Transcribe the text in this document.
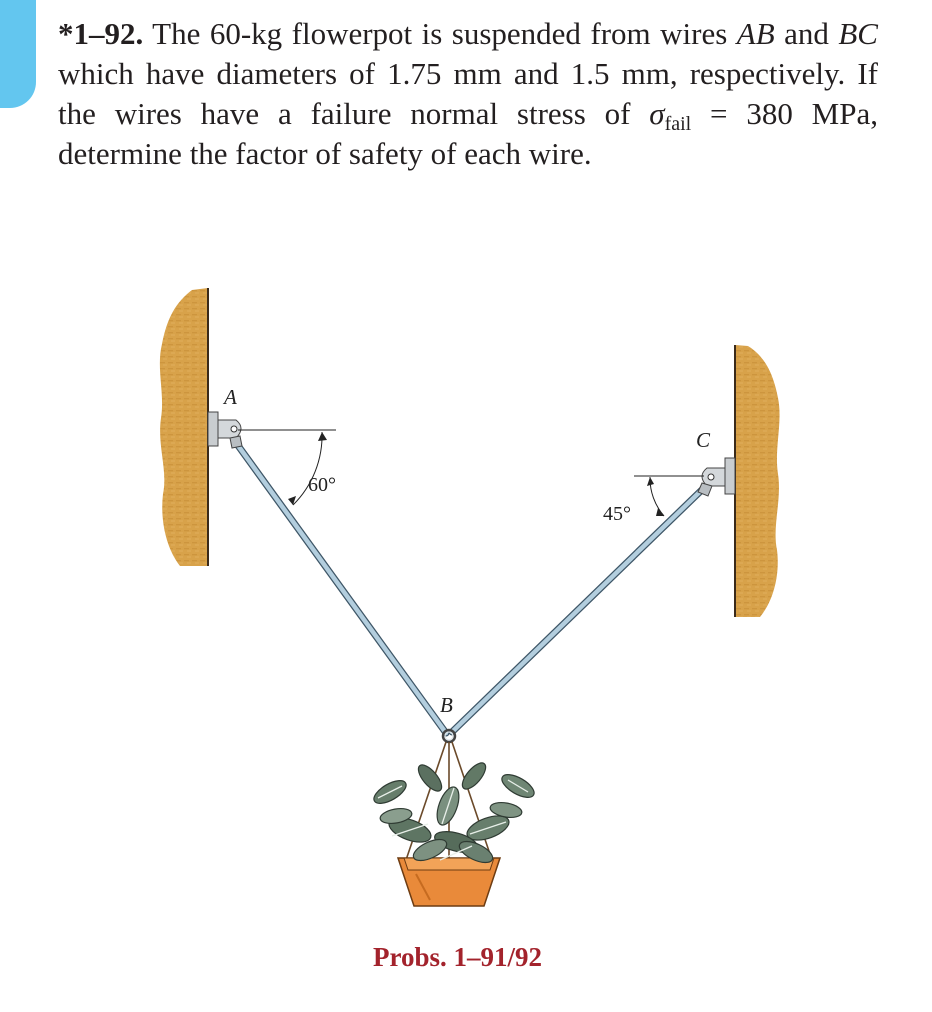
*1–92. The 60-kg flowerpot is suspended from wires AB and BC which have diameters of 1.75 mm and 1.5 mm, respectively. If the wires have a failure normal stress of $\sigma_{fail} = 380$ MPa, determine the factor of safety of each wire.
60°
45°
A
C
B
Probs. 1–91/92
